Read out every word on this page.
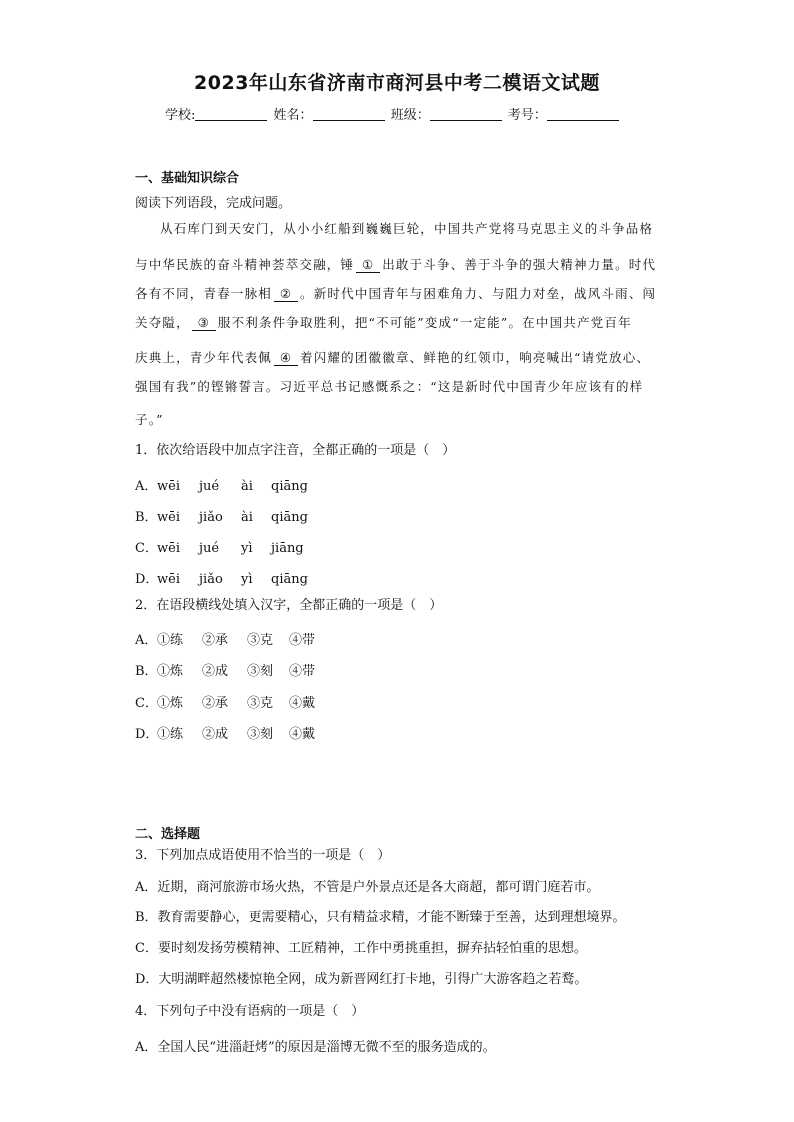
2023年山东省济南市商河县中考二模语文试题
学校:	姓名：	班级：	考号：
一、基础知识综合
阅读下列语段，完成问题。
从石库门到天安门，从小小红船到巍巍巨轮，中国共产党将马克思主义的斗争品格
与中华民族的奋斗精神荟萃交融，锤 ① 出敢于斗争、善于斗争的强大精神力量。时代
各有不同，青春一脉相 ② 。新时代中国青年与困难角力、与阻力对垒，战风斗雨、闯
关夺隘， ③ 服不利条件争取胜利，把“不可能”变成“一定能”。在中国共产党百年
庆典上，青少年代表佩 ④ 着闪耀的团徽徽章、鲜艳的红领巾，响亮喊出“请党放心、
强国有我”的铿锵誓言。习近平总书记感慨系之：“这是新时代中国青少年应该有的样
子。”
1．依次给语段中加点字注音，全都正确的一项是（　）
A．wēi jué ài qiāng
B．wēi jiǎo ài qiāng
C．wēi jué yì jiāng
D．wēi jiǎo yì qiāng
2．在语段横线处填入汉字，全都正确的一项是（　）
A．①练 ②承 ③克 ④带
B．①炼 ②成 ③刻 ④带
C．①炼 ②承 ③克 ④戴
D．①练 ②成 ③刻 ④戴
二、选择题
3．下列加点成语使用不恰当的一项是（　）
A．近期，商河旅游市场火热，不管是户外景点还是各大商超，都可谓门庭若市。
B．教育需要静心，更需要精心，只有精益求精，才能不断臻于至善，达到理想境界。
C．要时刻发扬劳模精神、工匠精神，工作中勇挑重担，摒弃拈轻怕重的思想。
D．大明湖畔超然楼惊艳全网，成为新晋网红打卡地，引得广大游客趋之若鹜。
4．下列句子中没有语病的一项是（　）
A．全国人民“进淄赶烤”的原因是淄博无微不至的服务造成的。
